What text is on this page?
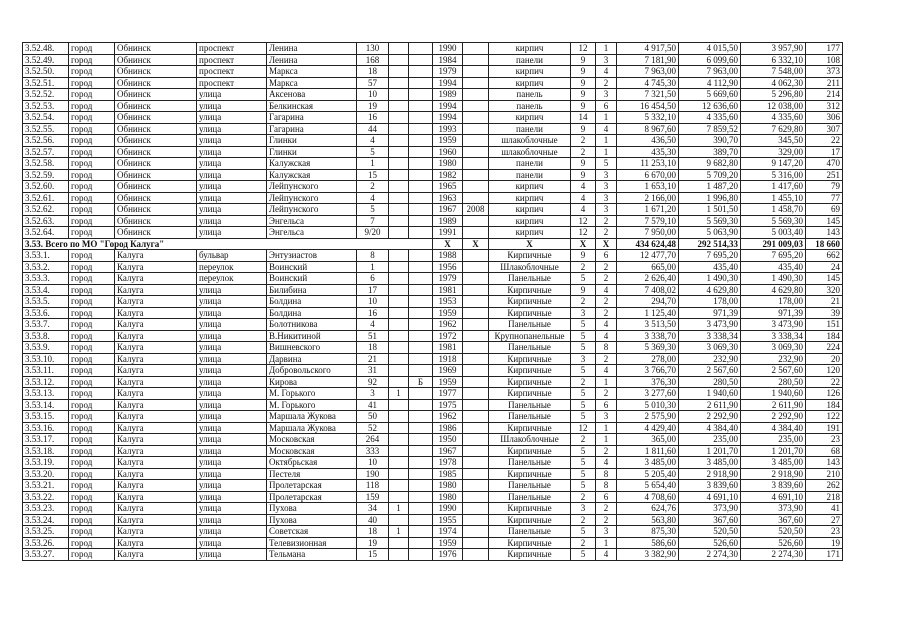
3.52.48.	город	Обнинск	проспект	Ленина	130			1990		кирпич	12	1	4 917,50	4 015,50	3 957,90	177
3.52.49.	город	Обнинск	проспект	Ленина	168			1984		панели	9	3	7 181,90	6 099,60	6 332,10	108
3.52.50.	город	Обнинск	проспект	Маркса	18			1979		кирпич	9	4	7 963,00	7 963,00	7 548,00	373
3.52.51.	город	Обнинск	проспект	Маркса	57			1994		кирпич	9	2	4 745,30	4 112,90	4 062,30	211
3.52.52.	город	Обнинск	улица	Аксенова	10			1989		панель	9	3	7 321,50	5 669,60	5 296,80	214
3.52.53.	город	Обнинск	улица	Белкинская	19			1994		панель	9	6	16 454,50	12 636,60	12 038,00	312
3.52.54.	город	Обнинск	улица	Гагарина	16			1994		кирпич	14	1	5 332,10	4 335,60	4 335,60	306
3.52.55.	город	Обнинск	улица	Гагарина	44			1993		панели	9	4	8 967,60	7 859,52	7 629,80	307
3.52.56.	город	Обнинск	улица	Глинки	4			1959		шлакоблочные	2	1	436,50	390,70	345,50	22
3.52.57.	город	Обнинск	улица	Глинки	5			1960		шлакоблочные	2	1	435,30	389,70	329,00	17
3.52.58.	город	Обнинск	улица	Калужская	1			1980		панели	9	5	11 253,10	9 682,80	9 147,20	470
3.52.59.	город	Обнинск	улица	Калужская	15			1982		панели	9	3	6 670,00	5 709,20	5 316,00	251
3.52.60.	город	Обнинск	улица	Лейпунского	2			1965		кирпич	4	3	1 653,10	1 487,20	1 417,60	79
3.52.61.	город	Обнинск	улица	Лейпунского	4			1963		кирпич	4	3	2 166,00	1 996,80	1 455,10	77
3.52.62.	город	Обнинск	улица	Лейпунского	5			1967	2008	кирпич	4	3	1 671,20	1 501,50	1 458,70	69
3.52.63.	город	Обнинск	улица	Энгельса	7			1989		кирпич	12	2	7 579,10	5 569,30	5 569,30	145
3.52.64.	город	Обнинск	улица	Энгельса	9/20			1991		кирпич	12	2	7 950,00	5 063,90	5 003,40	143
3.53. Всего по МО "Город Калуга"								X	X	X	X	X	434 624,48	292 514,33	291 009,03	18 660
3.53.1.	город	Калуга	бульвар	Энтузиастов	8			1988		Кирпичные	9	6	12 477,70	7 695,20	7 695,20	662
3.53.2.	город	Калуга	переулок	Воинский	1			1956		Шлакоблочные	2	2	665,00	435,40	435,40	24
3.53.3.	город	Калуга	переулок	Воинский	6			1979		Панельные	5	2	2 626,40	1 490,30	1 490,30	145
3.53.4.	город	Калуга	улица	Билибина	17			1981		Кирпичные	9	4	7 408,02	4 629,80	4 629,80	320
3.53.5.	город	Калуга	улица	Болдина	10			1953		Кирпичные	2	2	294,70	178,00	178,00	21
3.53.6.	город	Калуга	улица	Болдина	16			1959		Кирпичные	3	2	1 125,40	971,39	971,39	39
3.53.7.	город	Калуга	улица	Болотникова	4			1962		Панельные	5	4	3 513,50	3 473,90	3 473,90	151
3.53.8.	город	Калуга	улица	В.Никитиной	51			1972		Крупнопанельные	5	4	3 338,70	3 338,34	3 338,34	184
3.53.9.	город	Калуга	улица	Вишневского	18			1981		Панельные	5	8	5 369,30	3 069,30	3 069,30	224
3.53.10.	город	Калуга	улица	Дарвина	21			1918		Кирпичные	3	2	278,00	232,90	232,90	20
3.53.11.	город	Калуга	улица	Добровольского	31			1969		Кирпичные	5	4	3 766,70	2 567,60	2 567,60	120
3.53.12.	город	Калуга	улица	Кирова	92		Б	1959		Кирпичные	2	1	376,30	280,50	280,50	22
3.53.13.	город	Калуга	улица	М. Горького	3	1		1977		Кирпичные	5	2	3 277,60	1 940,60	1 940,60	126
3.53.14.	город	Калуга	улица	М. Горького	41			1975		Панельные	5	6	5 010,30	2 611,90	2 611,90	184
3.53.15.	город	Калуга	улица	Маршала Жукова	50			1962		Панельные	5	3	2 575,90	2 292,90	2 292,90	122
3.53.16.	город	Калуга	улица	Маршала Жукова	52			1986		Кирпичные	12	1	4 429,40	4 384,40	4 384,40	191
3.53.17.	город	Калуга	улица	Московская	264			1950		Шлакоблочные	2	1	365,00	235,00	235,00	23
3.53.18.	город	Калуга	улица	Московская	333			1967		Кирпичные	5	2	1 811,60	1 201,70	1 201,70	68
3.53.19.	город	Калуга	улица	Октябрьская	10			1978		Панельные	5	4	3 485,00	3 485,00	3 485,00	143
3.53.20.	город	Калуга	улица	Пестеля	190			1985		Кирпичные	5	8	5 205,40	2 918,90	2 918,90	210
3.53.21.	город	Калуга	улица	Пролетарская	118			1980		Панельные	5	8	5 654,40	3 839,60	3 839,60	262
3.53.22.	город	Калуга	улица	Пролетарская	159			1980		Панельные	2	6	4 708,60	4 691,10	4 691,10	218
3.53.23.	город	Калуга	улица	Пухова	34	1		1990		Кирпичные	3	2	624,76	373,90	373,90	41
3.53.24.	город	Калуга	улица	Пухова	40			1955		Кирпичные	2	2	563,80	367,60	367,60	27
3.53.25.	город	Калуга	улица	Советская	18	1		1974		Панельные	5	3	875,30	520,50	520,50	23
3.53.26.	город	Калуга	улица	Телевизионная	19			1959		Кирпичные	2	1	586,60	526,60	526,60	19
3.53.27.	город	Калуга	улица	Тельмана	15			1976		Кирпичные	5	4	3 382,90	2 274,30	2 274,30	171
